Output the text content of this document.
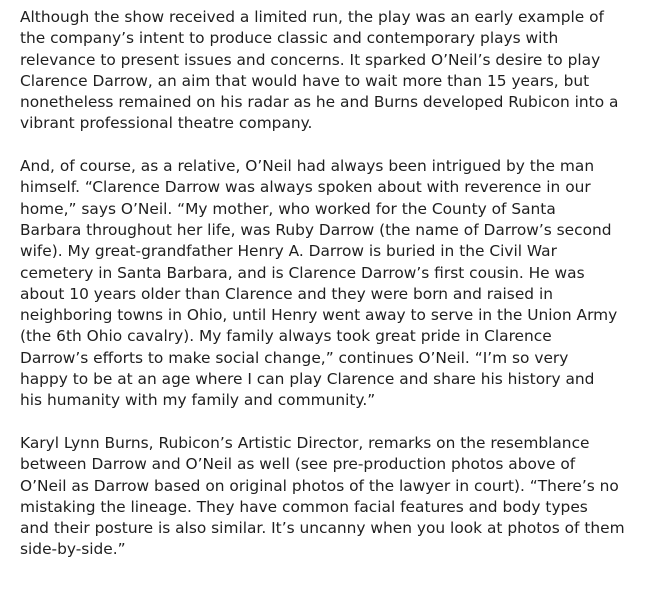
Although the show received a limited run, the play was an early example of
the company’s intent to produce classic and contemporary plays with
relevance to present issues and concerns. It sparked O’Neil’s desire to play
Clarence Darrow, an aim that would have to wait more than 15 years, but
nonetheless remained on his radar as he and Burns developed Rubicon into a
vibrant professional theatre company.

And, of course, as a relative, O’Neil had always been intrigued by the man
himself. “Clarence Darrow was always spoken about with reverence in our
home,” says O’Neil. “My mother, who worked for the County of Santa
Barbara throughout her life, was Ruby Darrow (the name of Darrow’s second
wife). My great-grandfather Henry A. Darrow is buried in the Civil War
cemetery in Santa Barbara, and is Clarence Darrow’s first cousin. He was
about 10 years older than Clarence and they were born and raised in
neighboring towns in Ohio, until Henry went away to serve in the Union Army
(the 6th Ohio cavalry). My family always took great pride in Clarence
Darrow’s efforts to make social change,” continues O’Neil. “I’m so very
happy to be at an age where I can play Clarence and share his history and
his humanity with my family and community.”

Karyl Lynn Burns, Rubicon’s Artistic Director, remarks on the resemblance
between Darrow and O’Neil as well (see pre-production photos above of
O’Neil as Darrow based on original photos of the lawyer in court). “There’s no
mistaking the lineage. They have common facial features and body types
and their posture is also similar. It’s uncanny when you look at photos of them
side-by-side.”
